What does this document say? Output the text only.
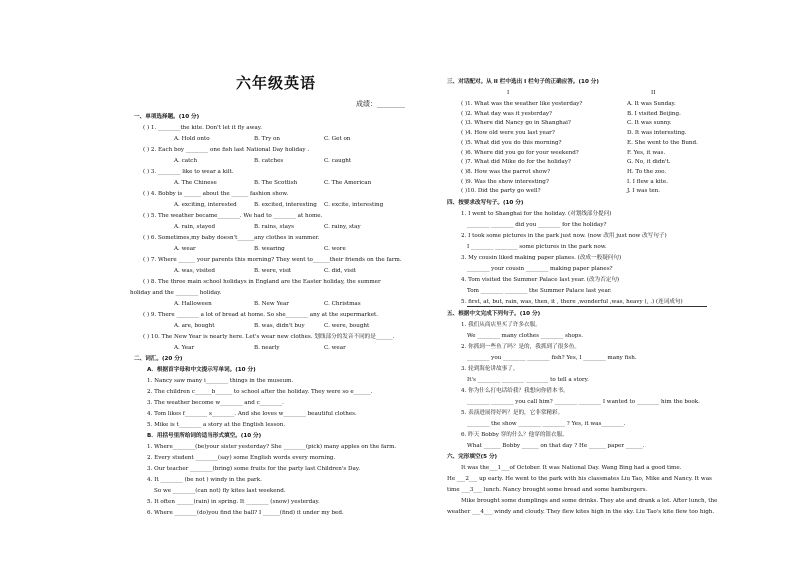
六年级英语
成绩：________
一、单项选择题。(10 分)
( ) 1. ________the kite. Don't let it fly away.
A. Hold onto	B. Try on	C. Get on
( ) 2. Each boy ________ one fish last National Day holiday .
A. catch	B. catches	C. caught
( ) 3. ________ like to wear a kilt.
A. The Chinese	B. The Scottish	C. The American
( ) 4. Bobby is ______ about the ______ fashion show.
A. exciting, interested	B. excited, interesting	C. excite, interesting
( ) 5. The weather became________. We had to ________ at home.
A. rain, stayed	B. rains, stays	C. rainy, stay
( ) 6. Sometimes,my baby doesn't______any clothes in summer.
A. wear	B. wearing	C. wore
( ) 7. Where ______ your parents this morning? They went to______their friends on the farm.
A. was, visited	B. were, visit	C. did, visit
( ) 8. The three main school holidays in England are the Easter holiday, the summer
holiday and the ________ holiday.
A. Halloween	B. New Year	C. Christmas
( ) 9. There ________ a lot of bread at home. So she________ any at the supermarket.
A. are, bought	B. was, didn't buy	C. were, bought
( ) 10. The New Year is nearly here. Let's wear new clothes. 划线部分的发音不同的是______.
A. Year	B. nearly	C. wear
二、词汇。(20 分)
A．根据首字母和中文提示写单词。(10 分)
1. Nancy saw many i________ things in the museum.
2. The children c______b______ to school after the holiday. They were so e______.
3. The weather become w________ and c________.
4. Tom likes f________ s________. And she loves w________ beautiful clothes.
5. Mike is t________ a story at the English lesson.
B．用括号里所给词的适当形式填空。(10 分)
1. Where________(be)your sister yesterday? She ________(pick) many apples on the farm.
2. Every student ________(say) some English words every morning.
3. Our teacher ________(bring) some fruits for the party last Children's Day.
4. It ________ (be not ) windy in the park.
So we ________(can not) fly kites last weekend.
5. It often ______(rain) in spring. It ________ (snow) yesterday.
6. Where ________(do)you find the ball? I ______(find) it under my bed.
三、对话配对。从 II 栏中选出 I 栏句子的正确应答。(10 分)
I	II
( )1. What was the weather like yesterday?	A. It was Sunday.
( )2. What day was it yesterday?	B. I visited Beijing.
( )3. Where did Nancy go in Shanghai?	C. It was sunny.
( )4. How old were you last year?	D. It was interesting.
( )5. What did you do this morning?	E. She went to the Bund.
( )6. Where did you go for your weekend?	F. Yes, it was.
( )7. What did Mike do for the holiday?	G. No, it didn't.
( )8. How was the parrot show?	H. To the zoo.
( )9. Was the show interesting?	I. I flew a kite.
( )10. Did the party go well?	J. I was ten.
四、按要求改写句子。(10 分)
1. I went to Shanghai for the holiday. (对划线部分提问)
________ ________ did you ________ for the holiday?
2. I took some pictures in the park just now. (now 改用 just now 改写句子)
I ________ ________ some pictures in the park now.
3. My cousin liked making paper planes. (改成一般疑问句)
________ your cousin ________ making paper planes?
4. Tom visited the Summer Palace last year. (改为否定句)
Tom ________ ________ the Summer Palace last year.
5. first, at, but, rain, was, then, it , there ,wonderful ,was, heavy (, .) (连词成句)
五、根据中文完成下列句子。(10 分)
1. 我们从商店里买了许多衣服。
We ________ many clothes ________ shops.
2. 你抓到一些鱼了吗？是的，我抓到了很多鱼。
________ you ________ ________ fish? Yes, I ________ many fish.
3. 轮到海伦讲故事了。
It's ________ ________ ________ to tell a story.
4. 你为什么打电话给我？我想向你借本书。
________ ________ you call him? ________ ________ I wanted to ________ him the book.
5. 表演进展得好吗？是的，它非常精彩。
________ the show ________ ________ ? Yes, it was________.
6. 昨天 Bobby 穿的什么？他穿的银衣服。
What ______ Bobby ______ on that day ? He ______ paper ______.
六、完形填空(5 分)
It was the___1___of October. It was National Day. Wang Bing had a good time.
He ___2___ up early. He went to the park with his classmates Liu Tao, Mike and Nancy. It was
time ___3___ lunch. Nancy brought some bread and some hamburgers.
Mike brought some dumplings and some drinks. They ate and drank a lot. After lunch, the
weather ___4___ windy and cloudy. They flew kites high in the sky. Liu Tao's kite flew too high.
